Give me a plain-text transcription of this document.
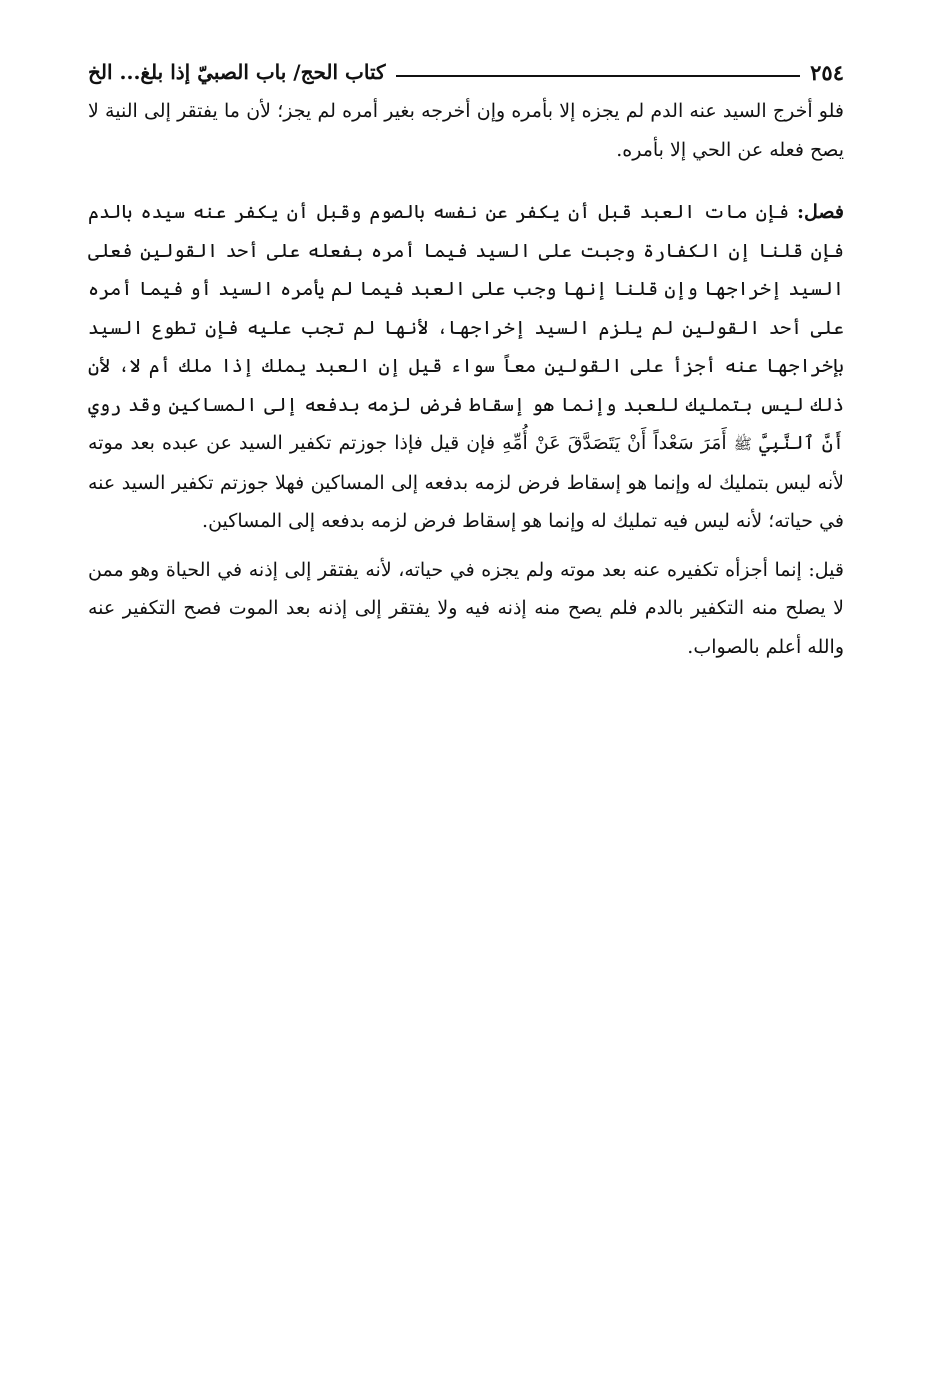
٢٥٤
كتاب الحج/ باب الصبيّ إذا بلغ... الخ

فلو أخرج السيد عنه الدم لم يجزه إلا بأمره وإن أخرجه بغير أمره لم يجز؛ لأن ما يفتقر إلى النية لا يصح فعله عن الحي إلا بأمره.

فصل: فإن مات العبد قبل أن يكفر عن نفسه بالصوم وقبل أن يكفر عنه سيده بالدم فإن قلنا إن الكفارة وجبت على السيد فيما أمره بفعله على أحد القولين فعلى السيد إخراجها وإن قلنا إنها وجب على العبد فيما لم يأمره السيد أو فيما أمره على أحد القولين لم يلزم السيد إخراجها، لأنها لم تجب عليه فإن تطوع السيد بإخراجها عنه أجزأ على القولين معاً سواء قيل إن العبد يملك إذا ملك أم لا، لأن ذلك ليس بتمليك للعبد وإنما هو إسقاط فرض لزمه بدفعه إلى المساكين وقد روي أَنَّ ٱلنَّبِيَّ ﷺ أَمَرَ سَعْداً أَنْ يَتَصَدَّقَ عَنْ أُمِّهِ فإن قيل فإذا جوزتم تكفير السيد عن عبده بعد موته لأنه ليس بتمليك له وإنما هو إسقاط فرض لزمه بدفعه إلى المساكين فهلا جوزتم تكفير السيد عنه في حياته؛ لأنه ليس فيه تمليك له وإنما هو إسقاط فرض لزمه بدفعه إلى المساكين.

قيل: إنما أجزأه تكفيره عنه بعد موته ولم يجزه في حياته، لأنه يفتقر إلى إذنه في الحياة وهو ممن لا يصلح منه التكفير بالدم فلم يصح منه إذنه فيه ولا يفتقر إلى إذنه بعد الموت فصح التكفير عنه والله أعلم بالصواب.
